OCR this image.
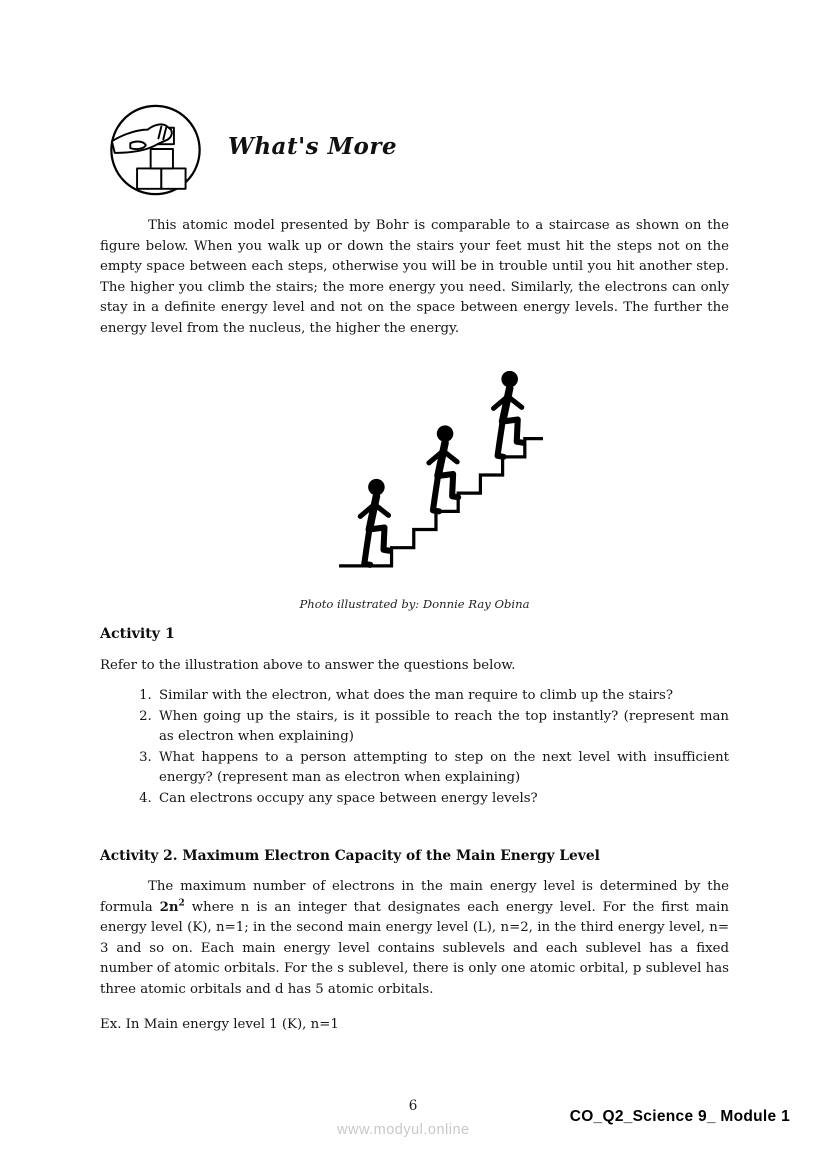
What's More

This atomic model presented by Bohr is comparable to a staircase as shown on the figure below. When you walk up or down the stairs your feet must hit the steps not on the empty space between each steps, otherwise you will be in trouble until you hit another step. The higher you climb the stairs; the more energy you need. Similarly, the electrons can only stay in a definite energy level and not on the space between energy levels. The further the energy level from the nucleus, the higher the energy.

Photo illustrated by: Donnie Ray Obina
Activity 1

Refer to the illustration above to answer the questions below.

1. Similar with the electron, what does the man require to climb up the stairs?
2. When going up the stairs, is it possible to reach the top instantly? (represent man as electron when explaining)
3. What happens to a person attempting to step on the next level with insufficient energy? (represent man as electron when explaining)
4. Can electrons occupy any space between energy levels?
Activity 2. Maximum Electron Capacity of the Main Energy Level

The maximum number of electrons in the main energy level is determined by the formula $2n^2$ where n is an integer that designates each energy level. For the first main energy level (K), n=1; in the second main energy level (L), n=2, in the third energy level, n= 3 and so on. Each main energy level contains sublevels and each sublevel has a fixed number of atomic orbitals. For the s sublevel, there is only one atomic orbital, p sublevel has three atomic orbitals and d has 5 atomic orbitals.

Ex. In Main energy level 1 (K), n=1

6
CO_Q2_Science 9_ Module 1
www.modyul.online
